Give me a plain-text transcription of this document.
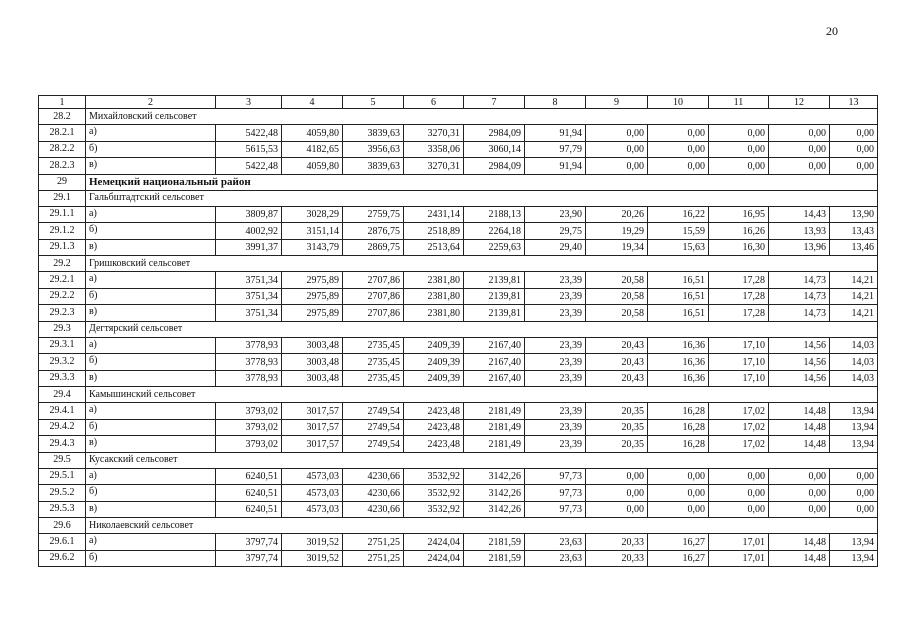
20
1	2	3	4	5	6	7	8	9	10	11	12	13
28.2	Михайловский сельсовет											
28.2.1	а)	5422,48	4059,80	3839,63	3270,31	2984,09	91,94	0,00	0,00	0,00	0,00	0,00
28.2.2	б)	5615,53	4182,65	3956,63	3358,06	3060,14	97,79	0,00	0,00	0,00	0,00	0,00
28.2.3	в)	5422,48	4059,80	3839,63	3270,31	2984,09	91,94	0,00	0,00	0,00	0,00	0,00
29	Немецкий национальный район											
29.1	Гальбштадтский сельсовет											
29.1.1	а)	3809,87	3028,29	2759,75	2431,14	2188,13	23,90	20,26	16,22	16,95	14,43	13,90
29.1.2	б)	4002,92	3151,14	2876,75	2518,89	2264,18	29,75	19,29	15,59	16,26	13,93	13,43
29.1.3	в)	3991,37	3143,79	2869,75	2513,64	2259,63	29,40	19,34	15,63	16,30	13,96	13,46
29.2	Гришковский сельсовет											
29.2.1	а)	3751,34	2975,89	2707,86	2381,80	2139,81	23,39	20,58	16,51	17,28	14,73	14,21
29.2.2	б)	3751,34	2975,89	2707,86	2381,80	2139,81	23,39	20,58	16,51	17,28	14,73	14,21
29.2.3	в)	3751,34	2975,89	2707,86	2381,80	2139,81	23,39	20,58	16,51	17,28	14,73	14,21
29.3	Дегтярский сельсовет											
29.3.1	а)	3778,93	3003,48	2735,45	2409,39	2167,40	23,39	20,43	16,36	17,10	14,56	14,03
29.3.2	б)	3778,93	3003,48	2735,45	2409,39	2167,40	23,39	20,43	16,36	17,10	14,56	14,03
29.3.3	в)	3778,93	3003,48	2735,45	2409,39	2167,40	23,39	20,43	16,36	17,10	14,56	14,03
29.4	Камышинский сельсовет											
29.4.1	а)	3793,02	3017,57	2749,54	2423,48	2181,49	23,39	20,35	16,28	17,02	14,48	13,94
29.4.2	б)	3793,02	3017,57	2749,54	2423,48	2181,49	23,39	20,35	16,28	17,02	14,48	13,94
29.4.3	в)	3793,02	3017,57	2749,54	2423,48	2181,49	23,39	20,35	16,28	17,02	14,48	13,94
29.5	Кусакский сельсовет											
29.5.1	а)	6240,51	4573,03	4230,66	3532,92	3142,26	97,73	0,00	0,00	0,00	0,00	0,00
29.5.2	б)	6240,51	4573,03	4230,66	3532,92	3142,26	97,73	0,00	0,00	0,00	0,00	0,00
29.5.3	в)	6240,51	4573,03	4230,66	3532,92	3142,26	97,73	0,00	0,00	0,00	0,00	0,00
29.6	Николаевский сельсовет											
29.6.1	а)	3797,74	3019,52	2751,25	2424,04	2181,59	23,63	20,33	16,27	17,01	14,48	13,94
29.6.2	б)	3797,74	3019,52	2751,25	2424,04	2181,59	23,63	20,33	16,27	17,01	14,48	13,94
